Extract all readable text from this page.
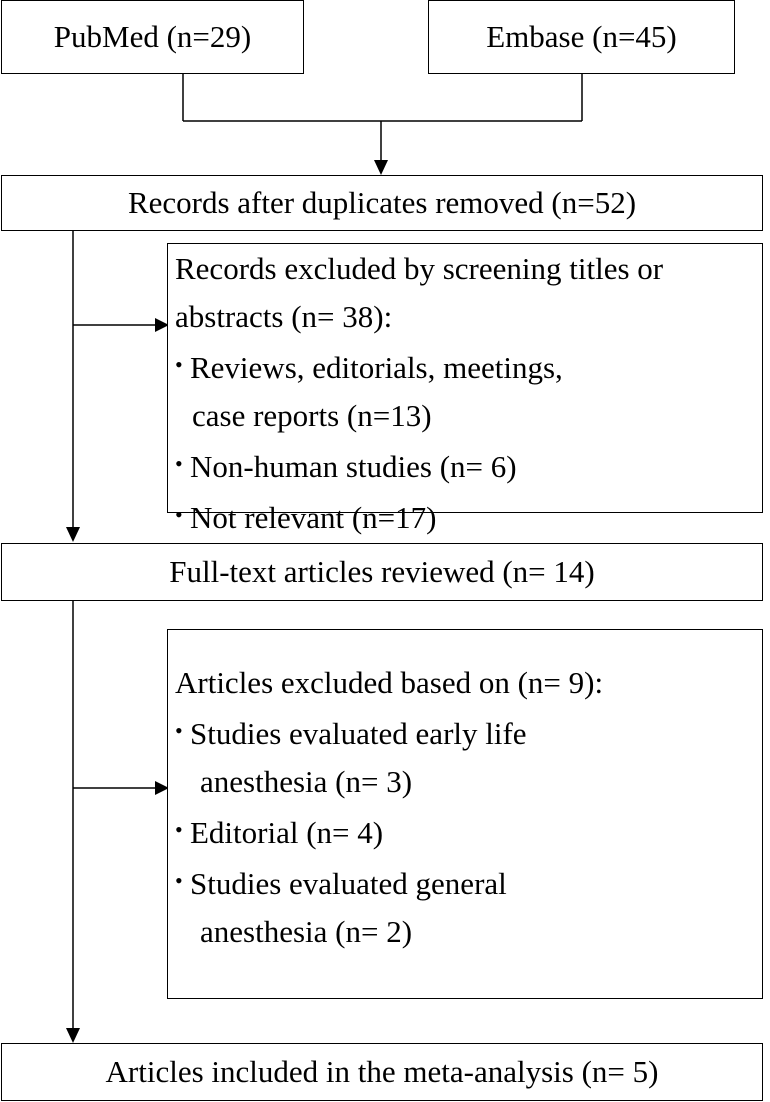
PubMed (n=29)	Embase (n=45)
Records after duplicates removed (n=52)
Records excluded by screening titles or
abstracts (n= 38):
• Reviews, editorials, meetings,
case reports (n=13)
• Non-human studies (n= 6)
• Not relevant (n=17)
Full-text articles reviewed (n= 14)
Articles excluded based on (n= 9):
• Studies evaluated early life
anesthesia (n= 3)
• Editorial (n= 4)
• Studies evaluated general
anesthesia (n= 2)
Articles included in the meta-analysis (n= 5)
